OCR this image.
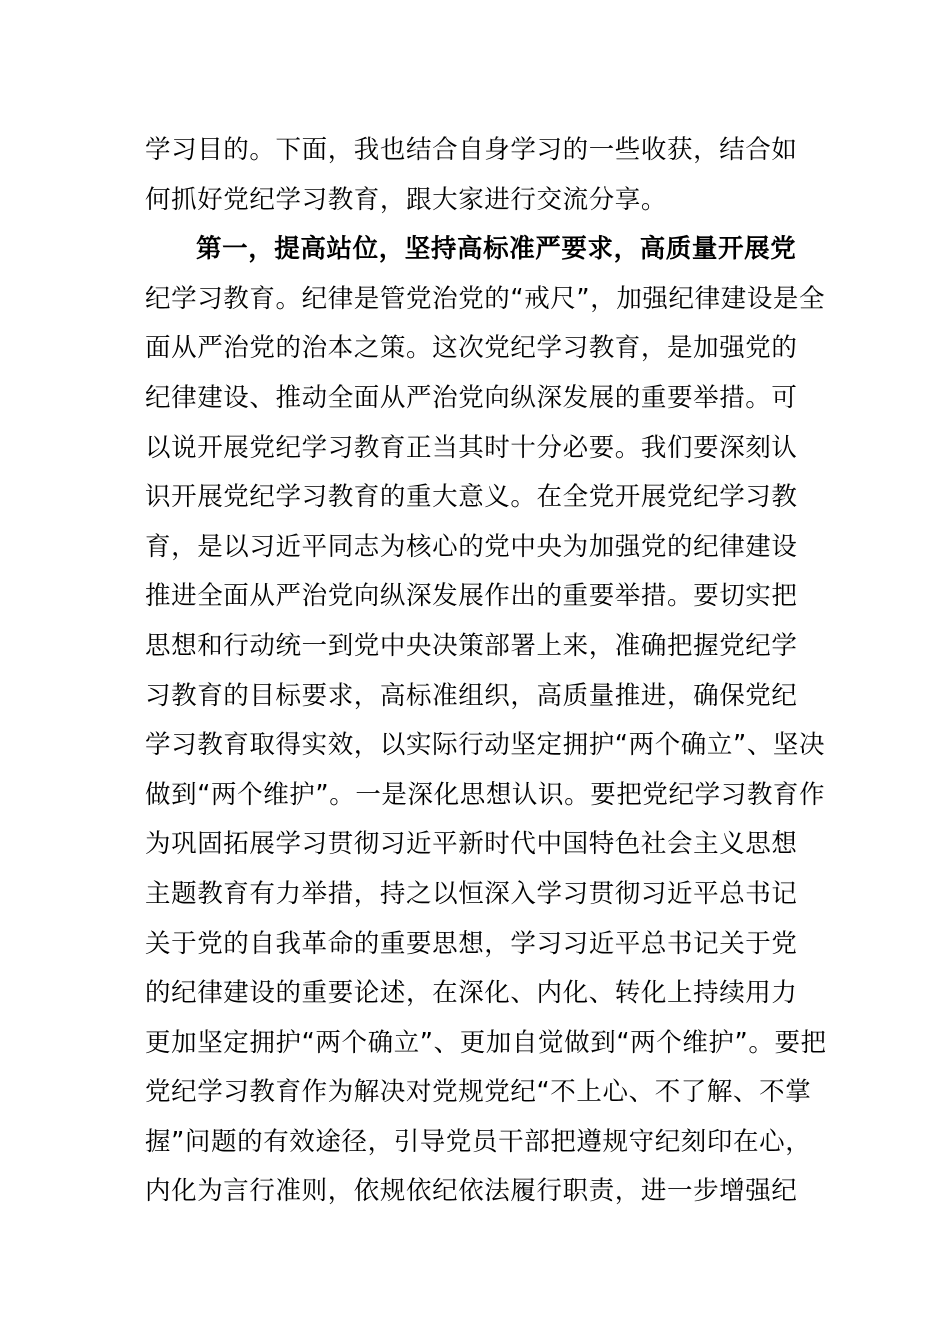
学习目的。下面，我也结合自身学习的一些收获，结合如
何抓好党纪学习教育，跟大家进行交流分享。
第一，提高站位，坚持高标准严要求，高质量开展党
纪学习教育。纪律是管党治党的“戒尺”，加强纪律建设是全
面从严治党的治本之策。这次党纪学习教育，是加强党的
纪律建设、推动全面从严治党向纵深发展的重要举措。可
以说开展党纪学习教育正当其时十分必要。我们要深刻认
识开展党纪学习教育的重大意义。在全党开展党纪学习教
育，是以习近平同志为核心的党中央为加强党的纪律建设
推进全面从严治党向纵深发展作出的重要举措。要切实把
思想和行动统一到党中央决策部署上来，准确把握党纪学
习教育的目标要求，高标准组织，高质量推进，确保党纪
学习教育取得实效，以实际行动坚定拥护“两个确立”、坚决
做到“两个维护”。一是深化思想认识。要把党纪学习教育作
为巩固拓展学习贯彻习近平新时代中国特色社会主义思想
主题教育有力举措，持之以恒深入学习贯彻习近平总书记
关于党的自我革命的重要思想，学习习近平总书记关于党
的纪律建设的重要论述，在深化、内化、转化上持续用力
更加坚定拥护“两个确立”、更加自觉做到“两个维护”。要把
党纪学习教育作为解决对党规党纪“不上心、不了解、不掌
握”问题的有效途径，引导党员干部把遵规守纪刻印在心，
内化为言行准则，依规依纪依法履行职责，进一步增强纪
